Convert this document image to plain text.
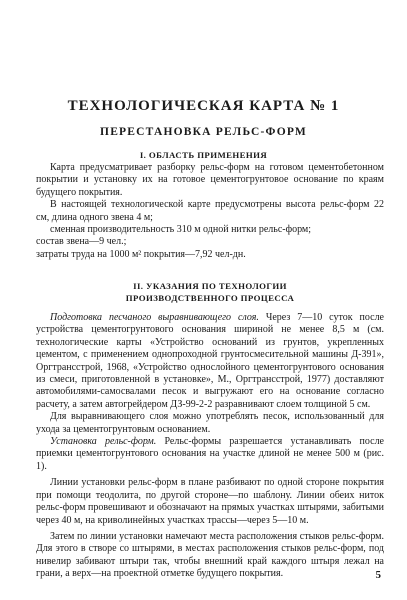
ТЕХНОЛОГИЧЕСКАЯ КАРТА № 1
ПЕРЕСТАНОВКА РЕЛЬС-ФОРМ
I. ОБЛАСТЬ ПРИМЕНЕНИЯ

Карта предусматривает разборку рельс-форм на готовом цементобетонном покрытии и установку их на готовое цементогрунтовое основание по краям будущего покрытия.

В настоящей технологической карте предусмотрены высота рельс-форм 22 см, длина одного звена 4 м;

сменная производительность 310 м одной нитки рельс-форм;

состав звена—9 чел.;

затраты труда на 1000 м² покрытия—7,92 чел-дн.

II. УКАЗАНИЯ ПО ТЕХНОЛОГИИ
ПРОИЗВОДСТВЕННОГО ПРОЦЕССА

Подготовка песчаного выравнивающего слоя. Через 7—10 суток после устройства цементогрунтового основания шириной не менее 8,5 м (см. технологические карты «Устройство оснований из грунтов, укрепленных цементом, с применением однопроходной грунтосмесительной машины Д-391», Оргтрансстрой, 1968, «Устройство однослойного цементогрунтового основания из смеси, приготовленной в установке», М., Оргтрансстрой, 1977) доставляют автомобилями-самосвалами песок и выгружают его на основание согласно расчету, а затем автогрейдером ДЗ-99-2-2 разравнивают слоем толщиной 5 см.

Для выравнивающего слоя можно употреблять песок, использованный для ухода за цементогрунтовым основанием.

Установка рельс-форм. Рельс-формы разрешается устанавливать после приемки цементогрунтового основания на участке длиной не менее 500 м (рис. 1).

Линии установки рельс-форм в плане разбивают по одной стороне покрытия при помощи теодолита, по другой стороне—по шаблону. Линии обеих ниток рельс-форм провешивают и обозначают на прямых участках штырями, забитыми через 40 м, на криволинейных участках трассы—через 5—10 м.

Затем по линии установки намечают места расположения стыков рельс-форм. Для этого в створе со штырями, в местах расположения стыков рельс-форм, под нивелир забивают штыри так, чтобы внешний край каждого штыря лежал на грани, а верх—на проектной отметке будущего покрытия.	5
